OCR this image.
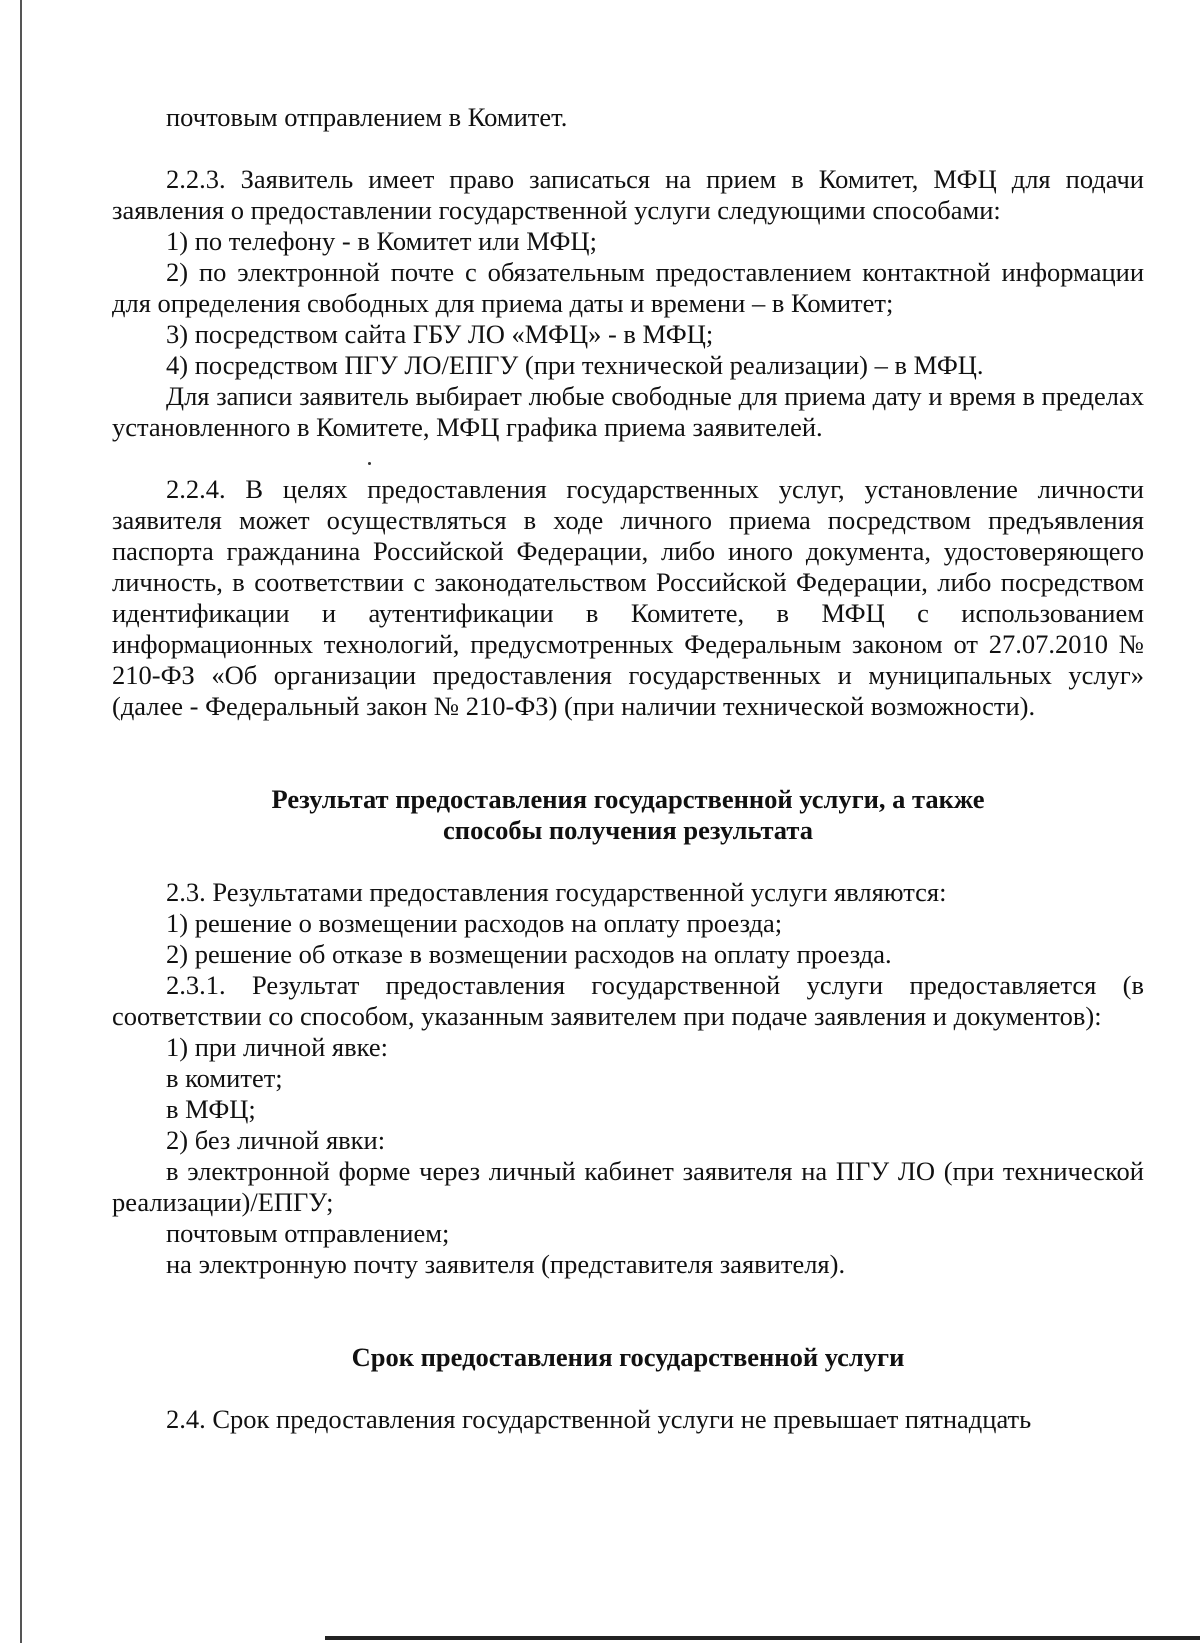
почтовым отправлением в Комитет.

2.2.3. Заявитель имеет право записаться на прием в Комитет, МФЦ для подачи заявления о предоставлении государственной услуги следующими способами:

1) по телефону - в Комитет или МФЦ;

2) по электронной почте с обязательным предоставлением контактной информации для определения свободных для приема даты и времени – в Комитет;

3) посредством сайта ГБУ ЛО «МФЦ» - в МФЦ;

4) посредством ПГУ ЛО/ЕПГУ (при технической реализации) – в МФЦ.

Для записи заявитель выбирает любые свободные для приема дату и время в пределах установленного в Комитете, МФЦ графика приема заявителей.

2.2.4. В целях предоставления государственных услуг, установление личности заявителя может осуществляться в ходе личного приема посредством предъявления паспорта гражданина Российской Федерации, либо иного документа, удостоверяющего личность, в соответствии с законодательством Российской Федерации, либо посредством идентификации и аутентификации в Комитете, в МФЦ с использованием информационных технологий, предусмотренных Федеральным законом от 27.07.2010 № 210-ФЗ «Об организации предоставления государственных и муниципальных услуг» (далее - Федеральный закон № 210-ФЗ) (при наличии технической возможности).

Результат предоставления государственной услуги, а также

способы получения результата

2.3. Результатами предоставления государственной услуги являются:

1) решение о возмещении расходов на оплату проезда;

2) решение об отказе в возмещении расходов на оплату проезда.

2.3.1. Результат предоставления государственной услуги предоставляется (в соответствии со способом, указанным заявителем при подаче заявления и документов):

1) при личной явке:

в комитет;

в МФЦ;

2) без личной явки:

в электронной форме через личный кабинет заявителя на ПГУ ЛО (при технической реализации)/ЕПГУ;

почтовым отправлением;

на электронную почту заявителя (представителя заявителя).

Срок предоставления государственной услуги

2.4. Срок предоставления государственной услуги не превышает пятнадцать
